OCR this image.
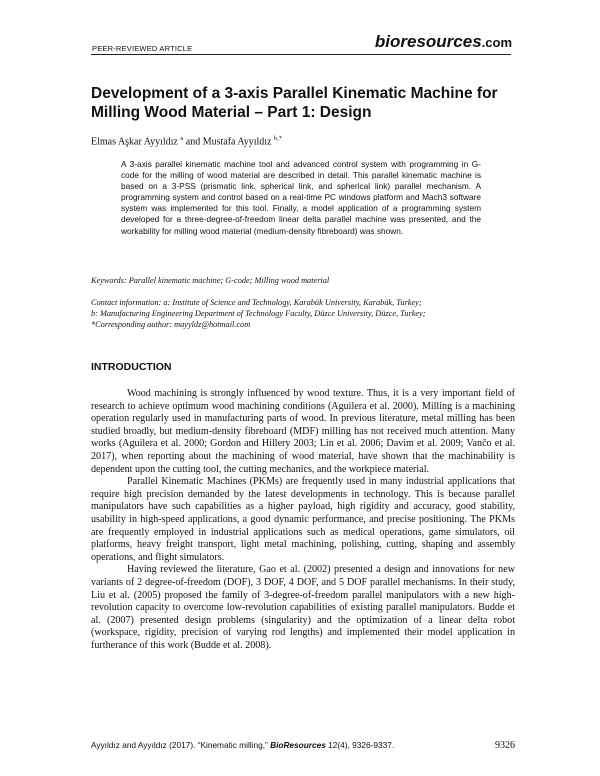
PEER-REVIEWED ARTICLE	bioresources.com
Development of a 3-axis Parallel Kinematic Machine for Milling Wood Material – Part 1: Design
Elmas Aşkar Ayyıldız $^a$ and Mustafa Ayyıldız $^{b,*}$
A 3-axis parallel kinematic machine tool and advanced control system with programming in G-code for the milling of wood material are described in detail. This parallel kinematic machine is based on a 3-PSS (prismatic link, spherical link, and spherical link) parallel mechanism. A programming system and control based on a real-time PC windows platform and Mach3 software system was implemented for this tool. Finally, a model application of a programming system developed for a three-degree-of-freedom linear delta parallel machine was presented, and the workability for milling wood material (medium-density fibreboard) was shown.
Keywords: Parallel kinematic machine; G-code; Milling wood material
Contact information: a: Institute of Science and Technology, Karabük University, Karabük, Turkey;
b: Manufacturing Engineering Department of Technology Faculty, Düzce University, Düzce, Turkey;
*Corresponding author: mayyldz@hotmail.com
INTRODUCTION

Wood machining is strongly influenced by wood texture. Thus, it is a very important field of research to achieve optimum wood machining conditions (Aguilera et al. 2000). Milling is a machining operation regularly used in manufacturing parts of wood. In previous literature, metal milling has been studied broadly, but medium-density fibreboard (MDF) milling has not received much attention. Many works (Aguilera et al. 2000; Gordon and Hillery 2003; Lin et al. 2006; Davim et al. 2009; Vančo et al. 2017), when reporting about the machining of wood material, have shown that the machinability is dependent upon the cutting tool, the cutting mechanics, and the workpiece material.

Parallel Kinematic Machines (PKMs) are frequently used in many industrial applications that require high precision demanded by the latest developments in technology. This is because parallel manipulators have such capabilities as a higher payload, high rigidity and accuracy, good stability, usability in high-speed applications, a good dynamic performance, and precise positioning. The PKMs are frequently employed in industrial applications such as medical operations, game simulators, oil platforms, heavy freight transport, light metal machining, polishing, cutting, shaping and assembly operations, and flight simulators.

Having reviewed the literature, Gao et al. (2002) presented a design and innovations for new variants of 2 degree-of-freedom (DOF), 3 DOF, 4 DOF, and 5 DOF parallel mechanisms. In their study, Liu et al. (2005) proposed the family of 3-degree-of-freedom parallel manipulators with a new high-revolution capacity to overcome low-revolution capabilities of existing parallel manipulators. Budde et al. (2007) presented design problems (singularity) and the optimization of a linear delta robot (workspace, rigidity, precision of varying rod lengths) and implemented their model application in furtherance of this work (Budde et al. 2008).

Ayyıldız and Ayyıldız (2017). “Kinematic milling,” BioResources 12(4), 9326-9337.	9326
